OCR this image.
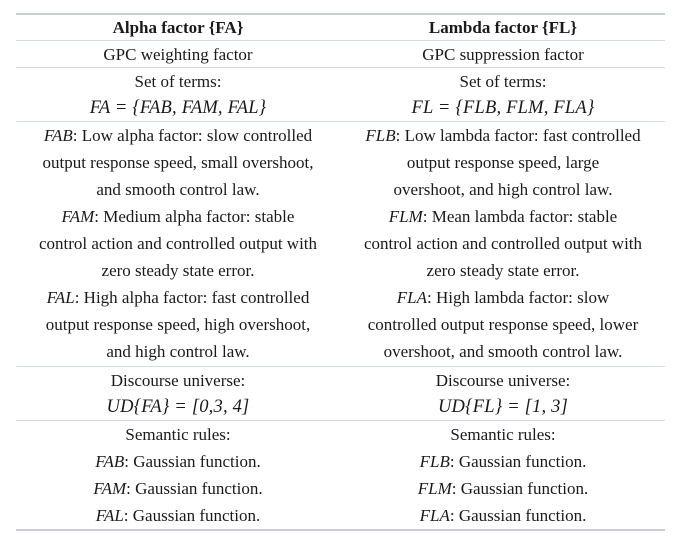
Alpha factor {FA}	Lambda factor {FL}
GPC weighting factor	GPC suppression factor
Set of terms:
FA = {FAB, FAM, FAL}
Set of terms:
FL = {FLB, FLM, FLA}
FAB: Low alpha factor: slow controlled
output response speed, small overshoot,
and smooth control law.
FAM: Medium alpha factor: stable
control action and controlled output with
zero steady state error.
FAL: High alpha factor: fast controlled
output response speed, high overshoot,
and high control law.
FLB: Low lambda factor: fast controlled
output response speed, large
overshoot, and high control law.
FLM: Mean lambda factor: stable
control action and controlled output with
zero steady state error.
FLA: High lambda factor: slow
controlled output response speed, lower
overshoot, and smooth control law.
Discourse universe:
UD{FA} = [0,3, 4]
Discourse universe:
UD{FL} = [1, 3]
Semantic rules:
FAB: Gaussian function.
FAM: Gaussian function.
FAL: Gaussian function.
Semantic rules:
FLB: Gaussian function.
FLM: Gaussian function.
FLA: Gaussian function.
